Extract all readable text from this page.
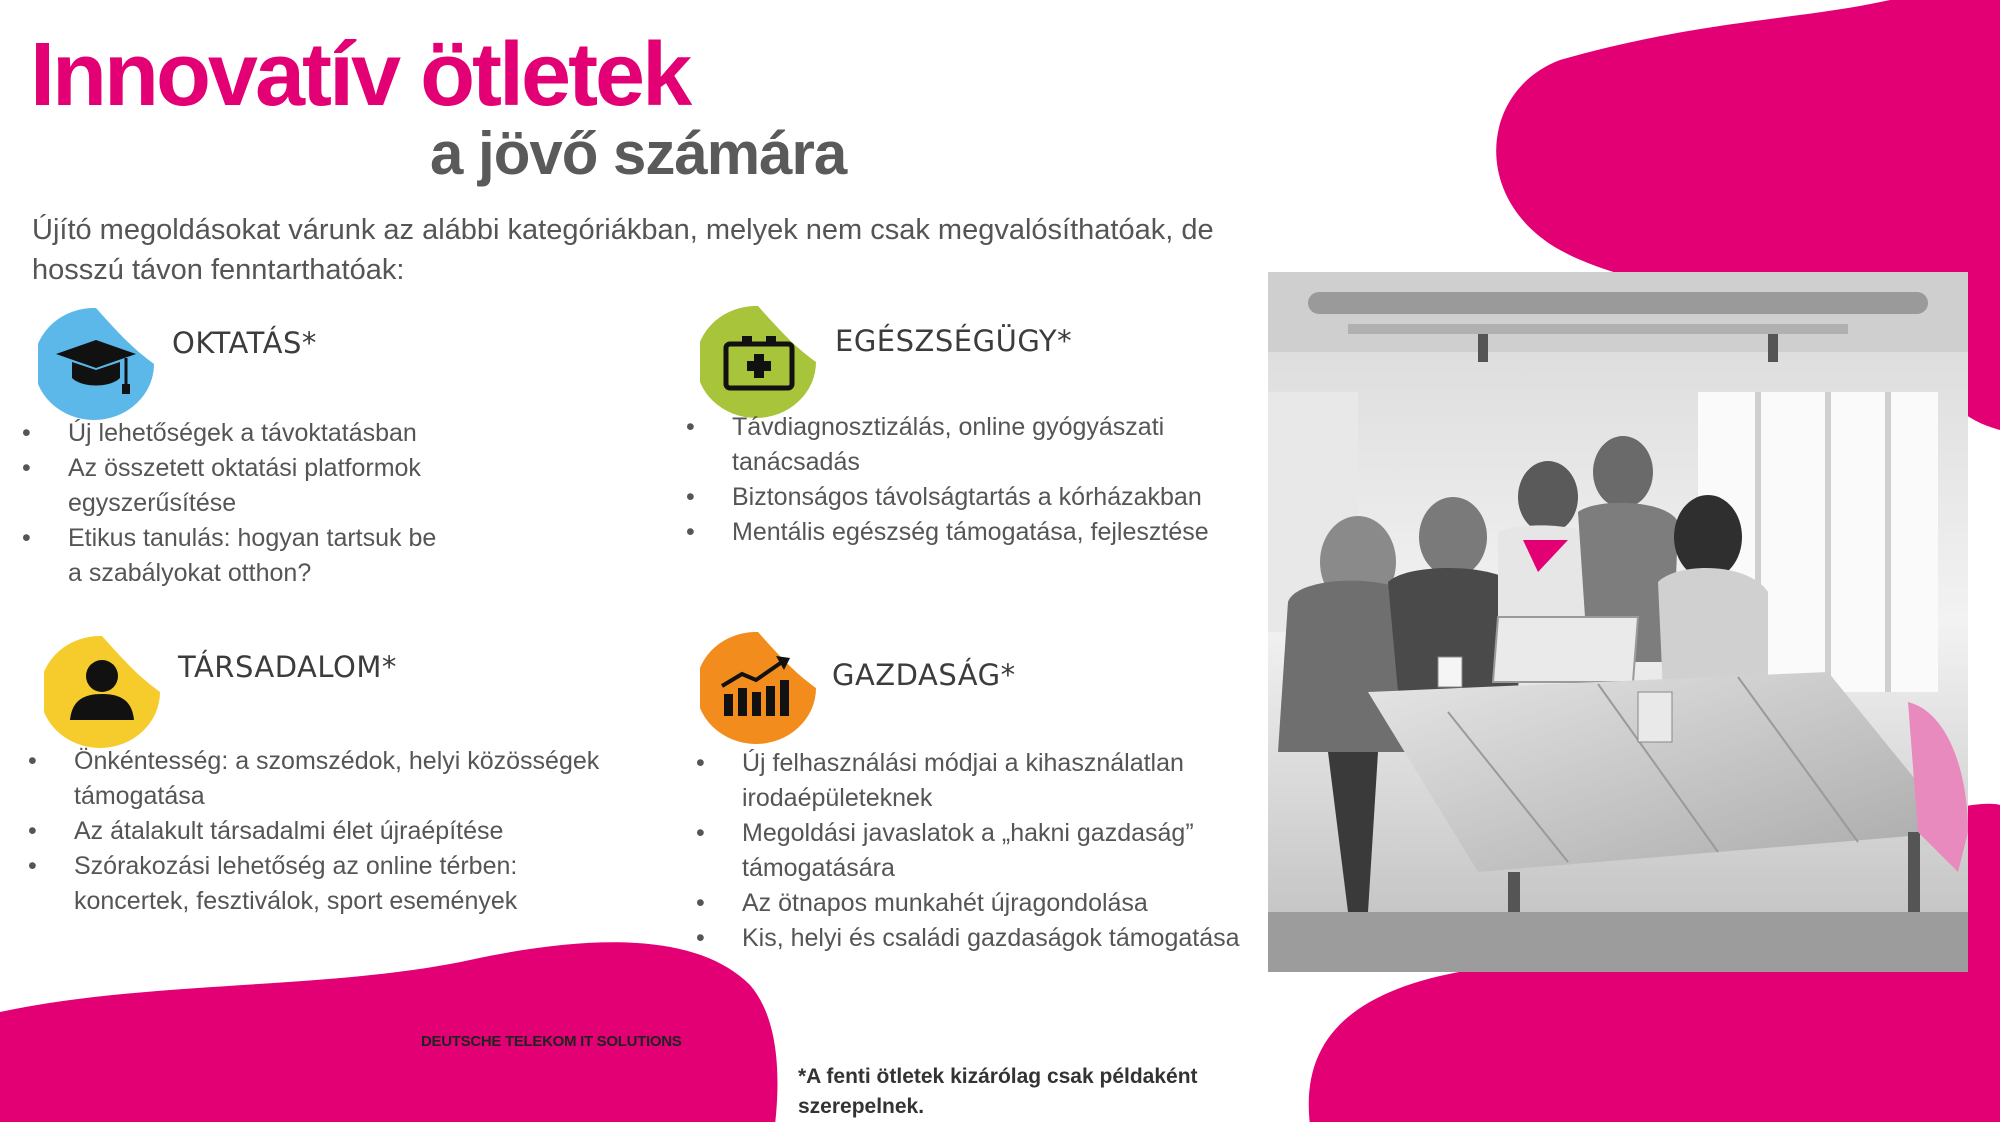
Innovatív ötletek
a jövő számára
Újító megoldásokat várunk az alábbi kategóriákban, melyek nem csak megvalósíthatóak, de hosszú távon fenntarthatóak:
OKTATÁS*
• Új lehetőségek a távoktatásban
• Az összetett oktatási platformok egyszerűsítése
• Etikus tanulás: hogyan tartsuk be a szabályokat otthon?
EGÉSZSÉGÜGY*
• Távdiagnosztizálás, online gyógyászati tanácsadás
• Biztonságos távolságtartás a kórházakban
• Mentális egészség támogatása, fejlesztése
TÁRSADALOM*
• Önkéntesség: a szomszédok, helyi közösségek támogatása
• Az átalakult társadalmi élet újraépítése
• Szórakozási lehetőség az online térben: koncertek, fesztiválok, sport események
GAZDASÁG*
• Új felhasználási módjai a kihasználatlan irodaépületeknek
• Megoldási javaslatok a „hakni gazdaság” támogatására
• Az ötnapos munkahét újragondolása
• Kis, helyi és családi gazdaságok támogatása
DEUTSCHE TELEKOM IT SOLUTIONS
*A fenti ötletek kizárólag csak példaként szerepelnek.
